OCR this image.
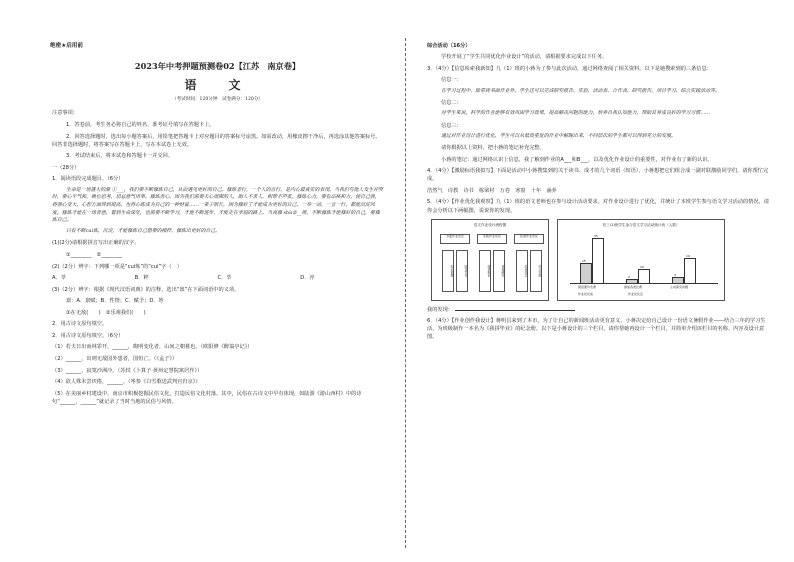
绝密★启用前
2023年中考押题预测卷02【江苏　南京卷】
语　文
（考试时间：120分钟　试卷满分：120分）

注意事项：

1．答卷前，考生务必将自己的姓名、准考证号填写在答题卡上。

2．回答选择题时，选出每小题答案后，用铅笔把答题卡上对应题目的答案标号涂黑。如需改动，用橡皮擦干净后，再选涂其他答案标号。回答非选择题时，将答案写在答题卡上，写在本试卷上无效。

3．考试结束后，将本试卷和答题卡一并交回。

一（28分）

1．阅读语段完成题目。（6分）

生命是一场盛大的滑 ①___，我们要不断修炼自己，从而遇见更好的自己。修炼者行，一个人的言行，是内心最真实的表现。当我们与他人发生冲突时，要心平气和，换位思考，切忌意气用事。修炼善心，因为我们需要关心周围的人，助人不求人，相帮不声张。修炼心力，要有品格和力，使自己强，将强心变大，心智方面得到提高，也将心练成为自己的一种财富……一辈子很长，因为修好了才能成为更好的自己，一举一动，一言一行，都能沉淀风度。修炼才能在一场善意，看到生命深处，也需要不断学习，才能不断进步，才能走在幸福的路上。当真修 shù②__境，不断修炼才能修好的自己，要修炼自己。

只有不断cui炼，沉淀，才能修炼自己想要的模样，修炼出更好的自己。

(1)(2分)请根据拼音写出正确的汉字。

①________　②________

(2)（2分）辨字：下列哪一项是“cuì炼”的“cuì”字（　）

A．萃	B．粹	C．萃	D．淬

(3)（2分）辨字：根据《现代汉语词典》的注释，选出“禀”在下面词语中的义项。

禀：A．禀赋；B．性情；C．赋予；D．姓

①在无敌(　　)　②乐观我们(　　)

2．用古诗文原句填空。

2．用古诗文原句填空。（6分）

（1）若夫日出而林霏开，______，晦明变化者，山间之朝暮也。（欧阳修《醉翁亭记》）

（2）______，出则无敌国外患者，国恒亡。（《孟子》）

（3）______，寂寞沙洲冷。（苏轼《卜算子·黄州定慧院寓居作》）

（4）欲人殊未尝厌倦，______。（岑参《白雪歌送武判官归京》）

（5）在美丽乡村建设中，南京市积极挖掘民俗文化，打造民俗文化村落。其中，民俗在古诗文中早有体现，如陆游《游山西村》中的诗句“______，______”就记录了当时当地的民俗与风情。

综合活动（16分）

学校开展了“学生共同优化作业设计”的活动，请根据要求完成以下任务。

3．（4分）【信息检索我新知】九（1）班的小蒋为了参与此次活动，通过网络查阅了相关资料。以下是她搜索到的三条信息：

信息一：

在学习过程中，除常规书面作业外，学生还可以完成研究报告、实验、活动表、合作表、研究报告，项目学习、综合实践活动等。

信息二：

对学生来说，科学的作业能够有效巩固学习效果，提高解决问题的能力，培养自我认知能力，帮助其养成良好的学习习惯……

信息三：

通过对作业设计进行优化，学生可以从低效重复的作业中解脱出来，不同层次的学生都可以得到充分的发展。

请你根据以上资料，把小蒋的笔记补充完整。

小蒋的笔记：通过网络认识上信息，我了解到作业的A___和B___，以及优化作业设计的重要性，对作业有了新的认识。

4．（4分）【激励标语我拟写】下面是活动中小蒋搜集到的关于读书、成才的几个词语（短语），小蒋想把它们组合成一副对联激励同学们，请你帮忙完成。

浩然气　诗教　诗书　栋梁材　万卷　寒窗　十年　涵养

5．（4分）【作业优化我观察】九（1）班的语文老师也在参与设计活动要求，对作业设计进行了优化，并统计了本班学生参与语文学习活动的情况，请你会分析以下两幅图，说说你的发现。

语文作业设计流程图
书面作业优化	实践作业优化	拓展作业优化
知识梳理	阅读写作	演讲辩论	调查研究	创意表达	综合实践
初三(1)班学生参与语文学习活动统计表（人数）
15
35
阅读课外名著
2
10
参加各类比赛
4
19
主动探究问题
作业优化前	作业优化后

我的发现：

6．（4分）【作业创作我设计】蒋明昌来到了本市，为了让自己的新闻班活动更有意义，小蒋决定给自己设计一份语文暑假作业——结合三年的学习生活，为班级制作一本名为《我拼毕业》的纪念册。以下是小蒋设计的三个栏目，请你帮她再设计一个栏目，并简单介绍该栏目的名称、内容及设计意图。
